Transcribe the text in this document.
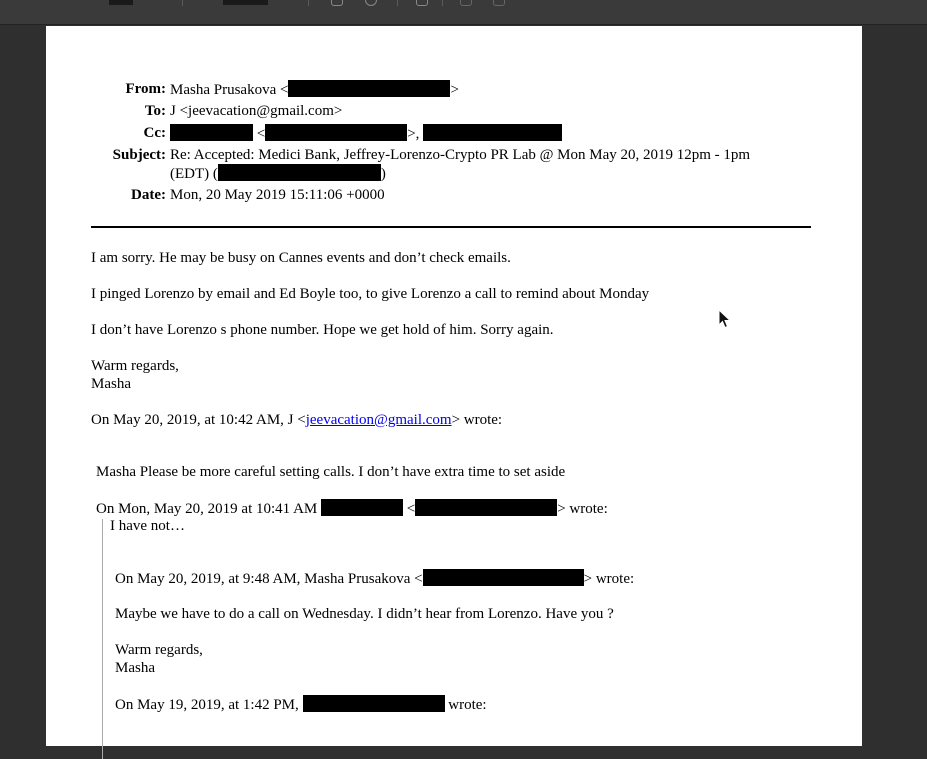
From: Masha Prusakova <	>
To: J <jeevacation@gmail.com>
Cc:	<	>,
Subject: Re: Accepted: Medici Bank, Jeffrey-Lorenzo-Crypto PR Lab @ Mon May 20, 2019 12pm - 1pm
(EDT) (	)
Date: Mon, 20 May 2019 15:11:06 +0000
I am sorry. He may be busy on Cannes events and don’t check emails.
I pinged Lorenzo by email and Ed Boyle too, to give Lorenzo a call to remind about Monday
I don’t have Lorenzo s phone number. Hope we get hold of him. Sorry again.
Warm regards,
Masha
On May 20, 2019, at 10:42 AM, J <jeevacation@gmail.com> wrote:
Masha Please be more careful setting calls. I don’t have extra time to set aside
On Mon, May 20, 2019 at 10:41 AM	<	> wrote:
I have not…
On May 20, 2019, at 9:48 AM, Masha Prusakova <	> wrote:
Maybe we have to do a call on Wednesday. I didn’t hear from Lorenzo. Have you ?
Warm regards,
Masha
On May 19, 2019, at 1:42 PM,	wrote:
